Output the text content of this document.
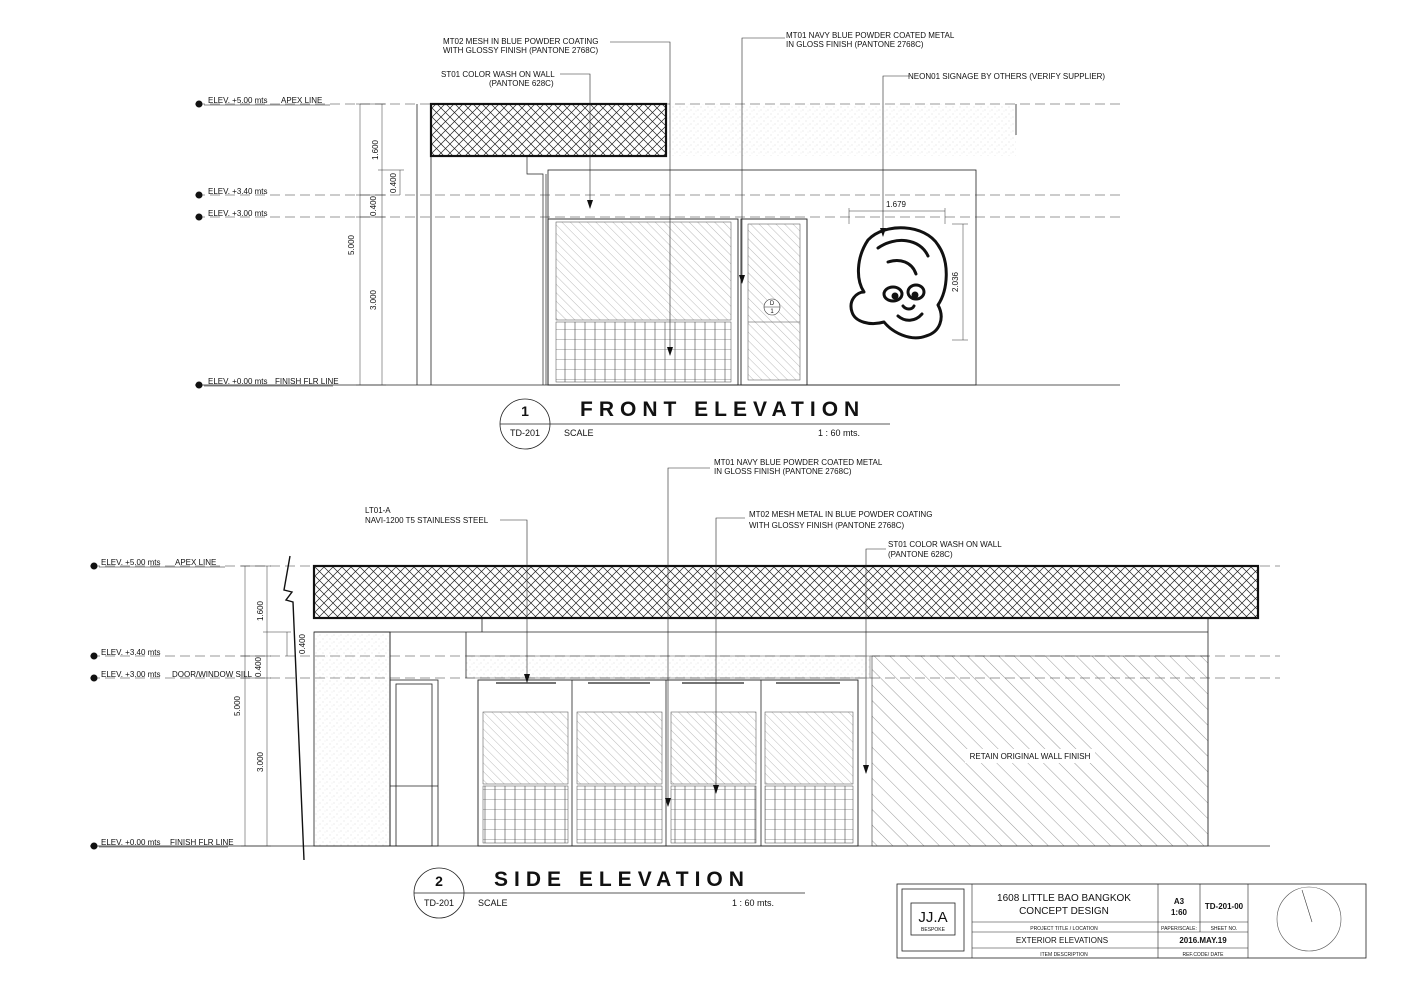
ELEV. +5.00 mts APEX LINE
ELEV. +3.40 mts
ELEV. +3.00 mts
ELEV. +0.00 mts FINISH FLR LINE
1.600
0.400
0.400
5.000
3.000	D
1
1.679
2.036
MT02 MESH IN BLUE POWDER COATING
WITH GLOSSY FINISH (PANTONE 2768C)
ST01 COLOR WASH ON WALL
(PANTONE 628C)
MT01 NAVY BLUE POWDER COATED METAL
IN GLOSS FINISH (PANTONE 2768C)
NEON01 SIGNAGE BY OTHERS (VERIFY SUPPLIER)
1
TD-201
FRONT ELEVATION
SCALE	1 : 60 mts.
ELEV. +5.00 mts APEX LINE
ELEV. +3.40 mts
ELEV. +3.00 mts DOOR/WINDOW SILL
ELEV. +0.00 mts FINISH FLR LINE
1.600
0.400
0.400
5.000
3.000	RETAIN ORIGINAL WALL FINISH
LT01-A
NAVI-1200 T5 STAINLESS STEEL
MT01 NAVY BLUE POWDER COATED METAL
IN GLOSS FINISH (PANTONE 2768C)
MT02 MESH METAL IN BLUE POWDER COATING
WITH GLOSSY FINISH (PANTONE 2768C)
ST01 COLOR WASH ON WALL
(PANTONE 628C)
2
TD-201
SIDE ELEVATION
SCALE	1 : 60 mts.
JJ.A
BESPOKE
1608 LITTLE BAO BANGKOK
CONCEPT DESIGN
PROJECT TITLE / LOCATION
EXTERIOR ELEVATIONS
ITEM DESCRIPTION
A3
1:60
PAPER/SCALE:
TD-201-00
SHEET NO.
2016.MAY.19
REF.CODE/ DATE
